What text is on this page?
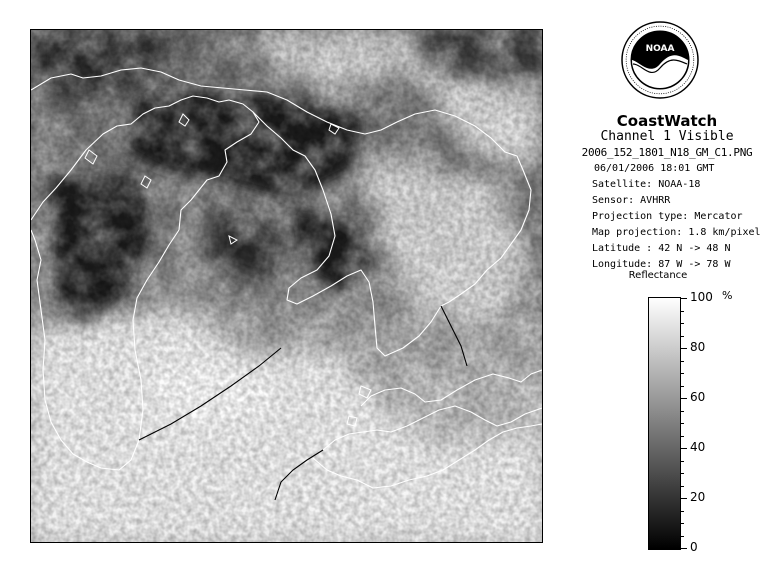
NOAA
CoastWatch
Channel 1 Visible
2006_152_1801_N18_GM_C1.PNG
06/01/2006 18:01 GMT
Satellite: NOAA-18
Sensor: AVHRR
Projection type: Mercator
Map projection: 1.8 km/pixel
Latitude : 42 N -> 48 N
Longitude: 87 W -> 78 W
Reflectance
%
100
80
60
40
20
0
